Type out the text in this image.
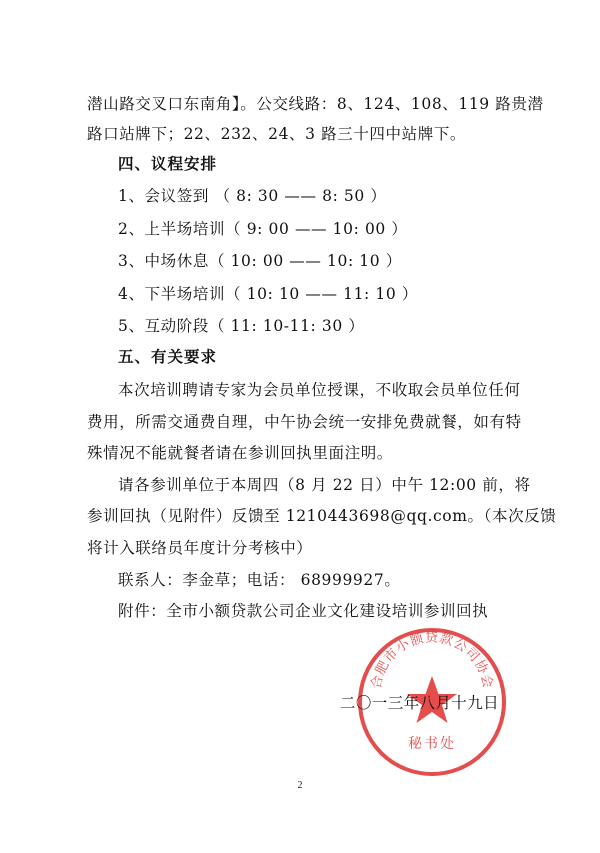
潜山路交叉口东南角】。公交线路：8、124、108、119 路贵潜
路口站牌下；22、232、24、3 路三十四中站牌下。
四、议程安排
1、会议签到 （ 8: 30 —— 8: 50 ）
2、上半场培训（ 9: 00 —— 10: 00 ）
3、中场休息（ 10: 00 —— 10: 10 ）
4、下半场培训（ 10: 10 —— 11: 10 ）
5、互动阶段（ 11: 10-11: 30 ）
五、有关要求
本次培训聘请专家为会员单位授课，不收取会员单位任何
费用，所需交通费自理，中午协会统一安排免费就餐，如有特
殊情况不能就餐者请在参训回执里面注明。
请各参训单位于本周四（8 月 22 日）中午 12:00 前，将
参训回执（见附件）反馈至 1210443698@qq.com。（本次反馈
将计入联络员年度计分考核中）
联系人：李金草；电话： 68999927。
附件：全市小额贷款公司企业文化建设培训参训回执
合肥市小额贷款公司协会
秘书处
二〇一三年八月十九日
2
